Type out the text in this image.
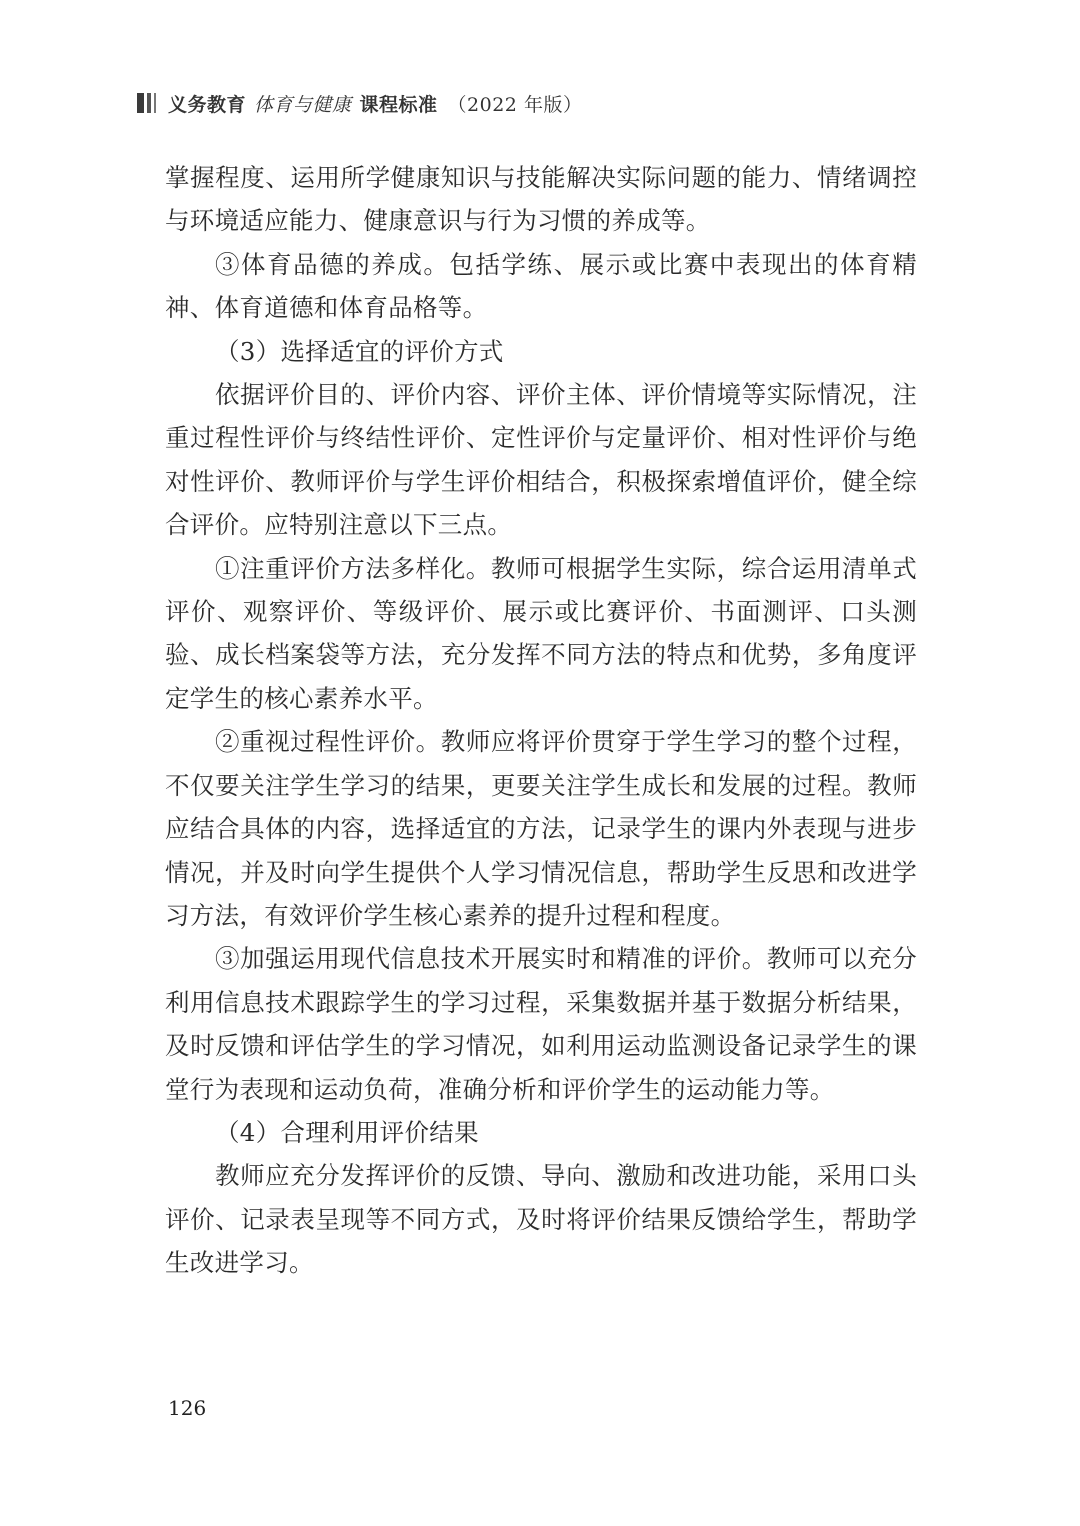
义务教育 体育与健康 课程标准 （2022 年版）

掌握程度、运用所学健康知识与技能解决实际问题的能力、情绪调控与环境适应能力、健康意识与行为习惯的养成等。

③体育品德的养成。包括学练、展示或比赛中表现出的体育精神、体育道德和体育品格等。

（3）选择适宜的评价方式

依据评价目的、评价内容、评价主体、评价情境等实际情况，注重过程性评价与终结性评价、定性评价与定量评价、相对性评价与绝对性评价、教师评价与学生评价相结合，积极探索增值评价，健全综合评价。应特别注意以下三点。

①注重评价方法多样化。教师可根据学生实际，综合运用清单式评价、观察评价、等级评价、展示或比赛评价、书面测评、口头测验、成长档案袋等方法，充分发挥不同方法的特点和优势，多角度评定学生的核心素养水平。

②重视过程性评价。教师应将评价贯穿于学生学习的整个过程，不仅要关注学生学习的结果，更要关注学生成长和发展的过程。教师应结合具体的内容，选择适宜的方法，记录学生的课内外表现与进步情况，并及时向学生提供个人学习情况信息，帮助学生反思和改进学习方法，有效评价学生核心素养的提升过程和程度。

③加强运用现代信息技术开展实时和精准的评价。教师可以充分利用信息技术跟踪学生的学习过程，采集数据并基于数据分析结果，及时反馈和评估学生的学习情况，如利用运动监测设备记录学生的课堂行为表现和运动负荷，准确分析和评价学生的运动能力等。

（4）合理利用评价结果

教师应充分发挥评价的反馈、导向、激励和改进功能，采用口头评价、记录表呈现等不同方式，及时将评价结果反馈给学生，帮助学生改进学习。

126
